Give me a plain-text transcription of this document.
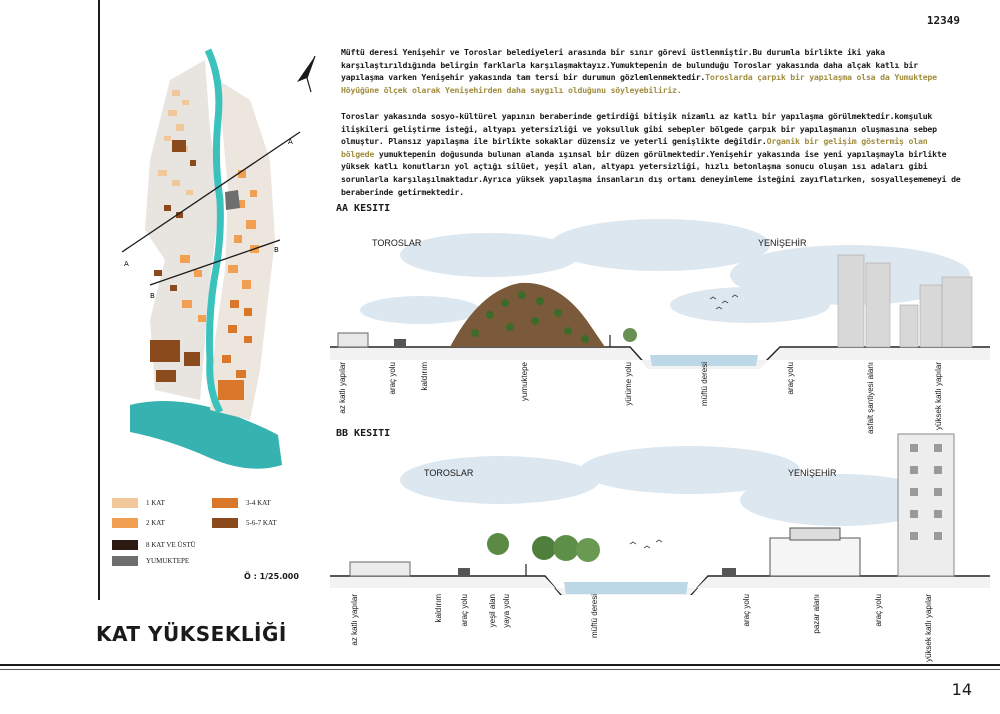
12349
14
KAT YÜKSEKLİĞİ
A
A
B
B
1 KAT	3-4 KAT
2 KAT	5-6-7 KAT
8 KAT VE ÜSTÜ
YUMUKTEPE
Ö : 1/25.000
Müftü deresi Yenişehir ve Toroslar belediyeleri arasında bir sınır görevi üstlenmiştir.Bu durumla birlikte iki yaka karşılaştırıldığında belirgin farklarla karşılaşmaktayız.Yumuktepenin de bulunduğu Toroslar yakasında daha alçak katlı bir yapılaşma varken Yenişehir yakasında tam tersi bir durumun gözlemlenmektedir.Toroslarda çarpık bir yapılaşma olsa da Yumuktepe Höyüğüne ölçek olarak Yenişehirden daha saygılı olduğunu söyleyebiliriz.
Toroslar yakasında sosyo-kültürel yapının beraberinde getirdiği bitişik nizamlı az katlı bir yapılaşma görülmektedir.komşuluk ilişkileri geliştirme isteği, altyapı yetersizliği ve yoksulluk gibi sebepler bölgede çarpık bir yapılaşmanın oluşmasına sebep olmuştur. Plansız yapılaşma ile birlikte sokaklar düzensiz ve yeterli genişlikte değildir.Organik bir gelişim göstermiş olan bölgede yumuktepenin doğusunda bulunan alanda ışınsal bir düzen görülmektedir.Yenişehir yakasında ise yeni yapılaşmayla birlikte yüksek katlı konutların yol açtığı silüet, yeşil alan, altyapı yetersizliği, hızlı betonlaşma sonucu oluşan ısı adaları gibi sorunlarla karşılaşılmaktadır.Ayrıca yüksek yapılaşma insanların dış ortamı deneyimleme isteğini zayıflatırken, sosyalleşememeyi de beraberinde getirmektedir.
AA KESITI
TOROSLAR	YENİŞEHİR
az katlı yapılar	araç yolu	kaldırım	yumuktepe	yürüme yolu	müftü deresi	araç yolu	asfalt şantiyesi alanı	yüksek katlı yapılar
BB KESITI
TOROSLAR	YENİŞEHİR
az katlı yapılar	kaldırım araç yolu yeşil alan yaya yolu	müftü deresi	araç yolu	pazar alanı	araç yolu	yüksek katlı yapılar
